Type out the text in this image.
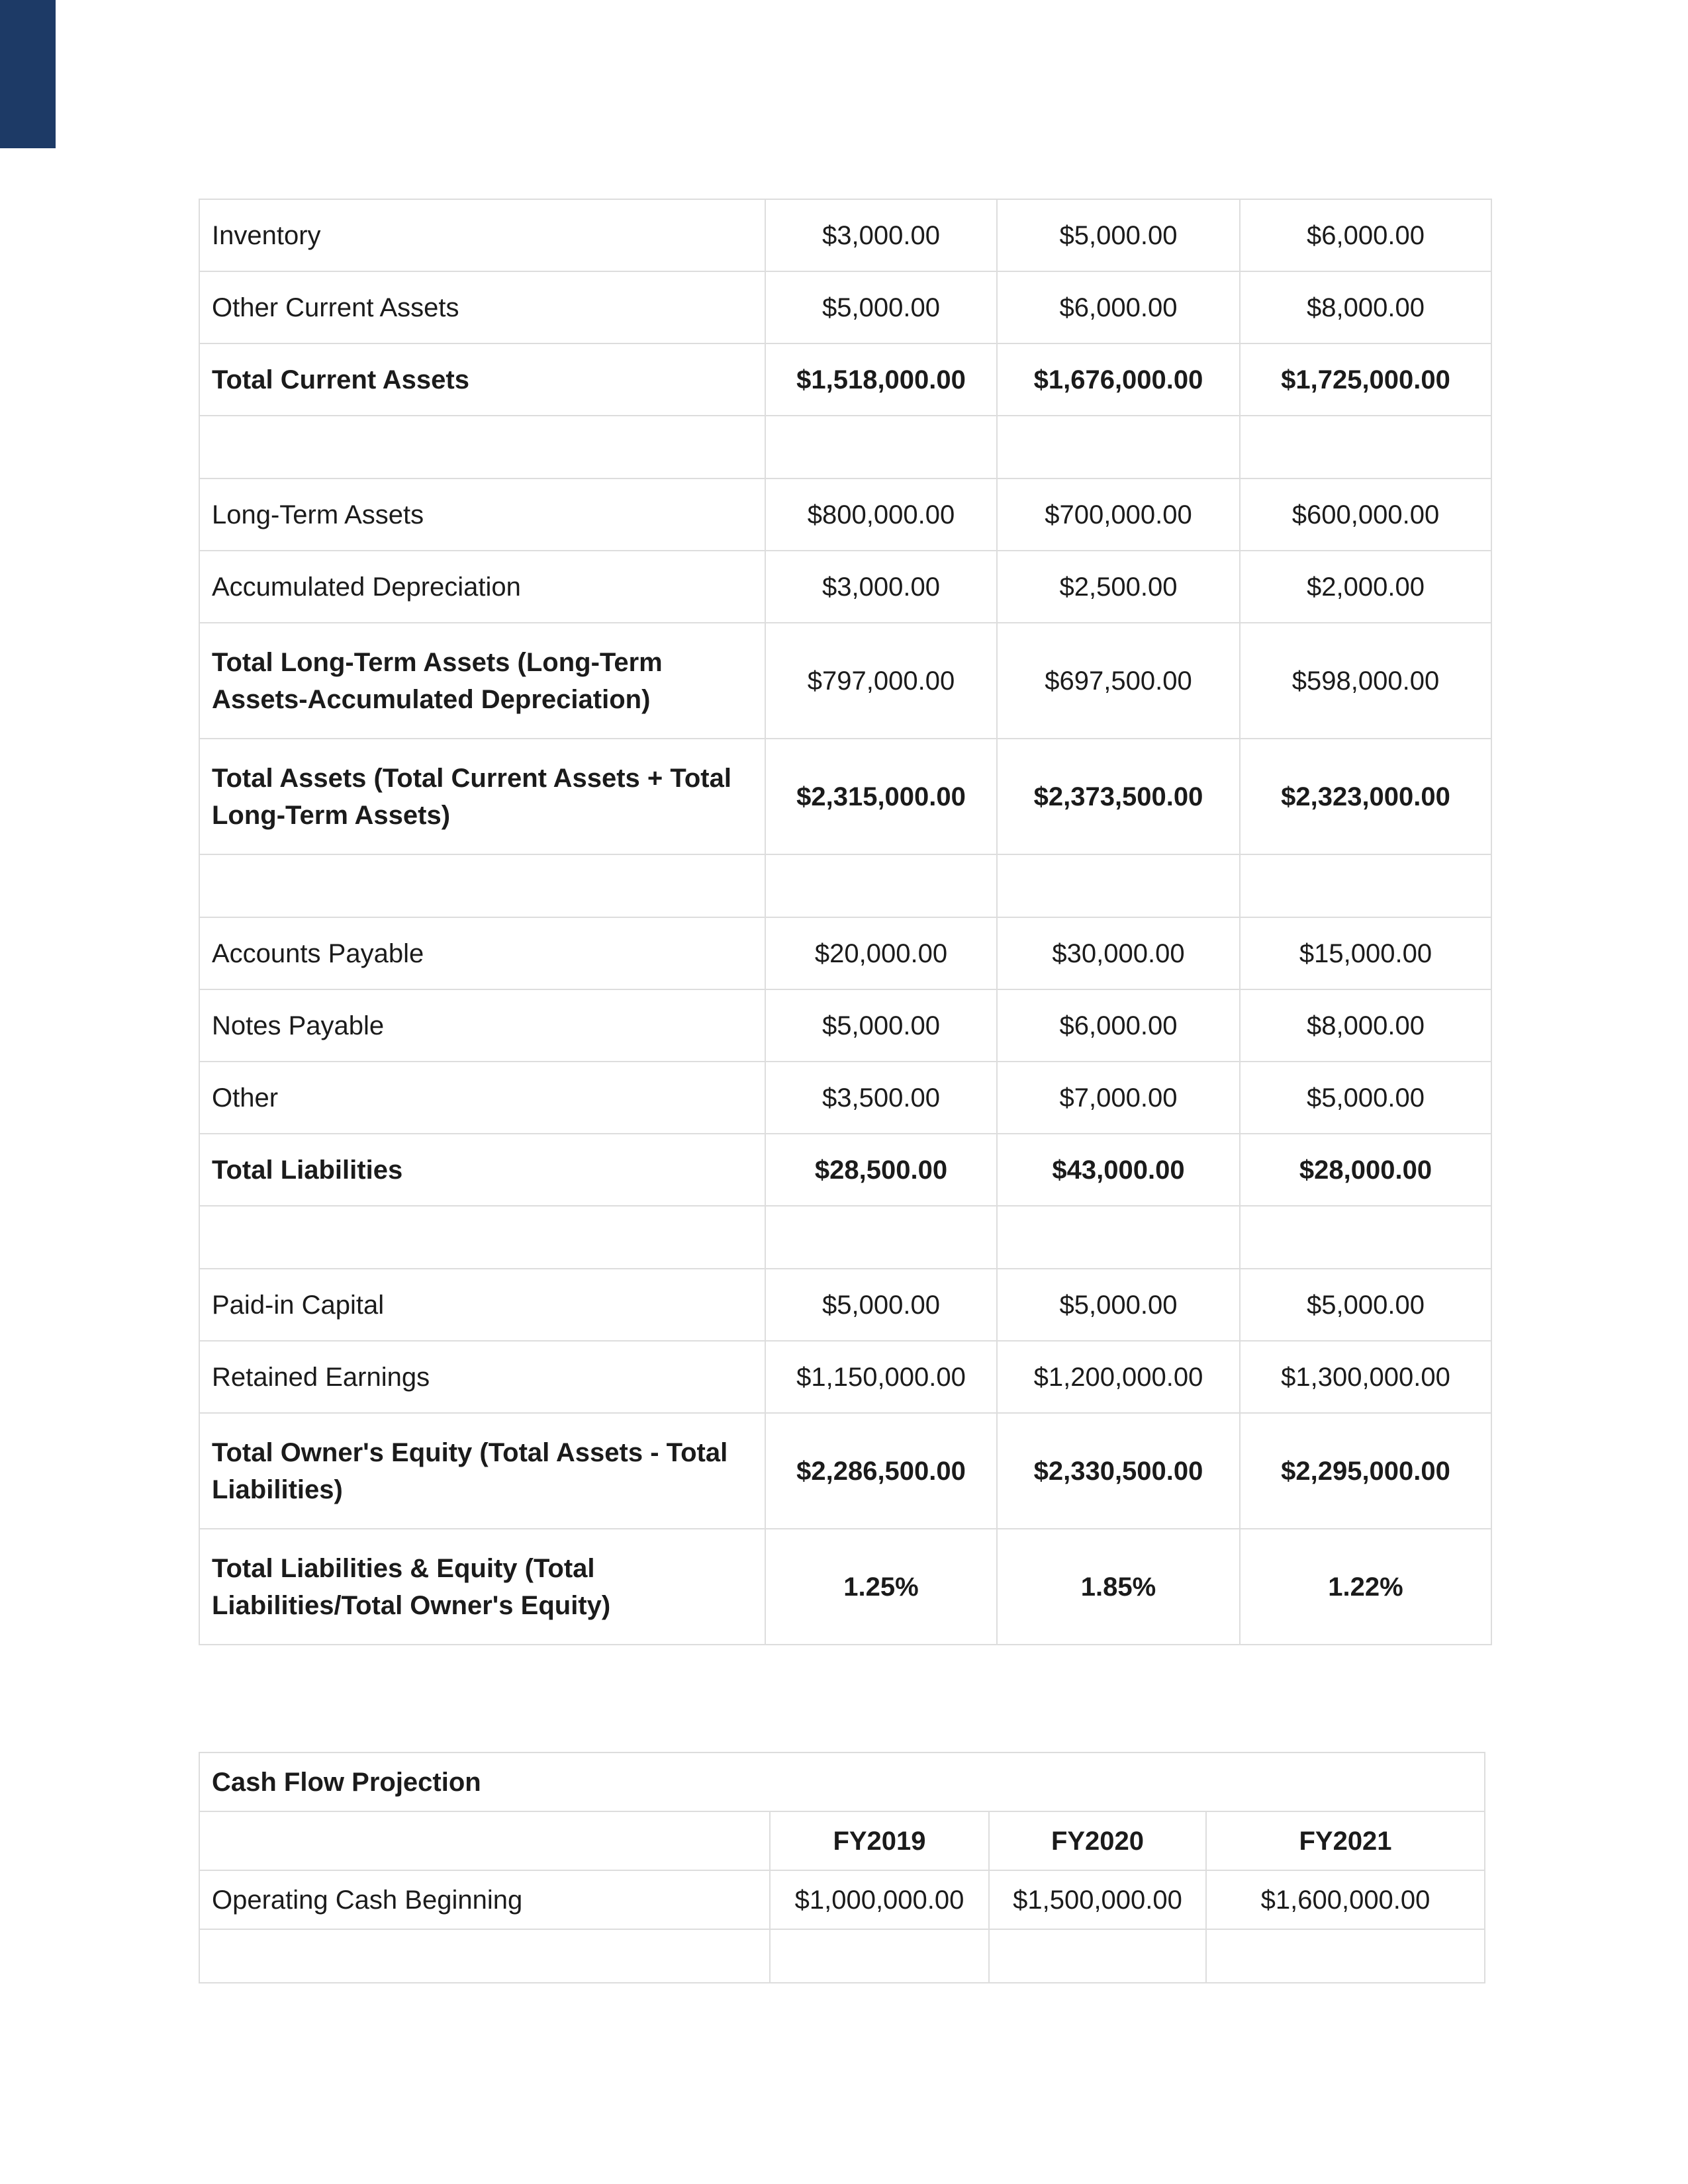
Inventory	$3,000.00	$5,000.00	$6,000.00
Other Current Assets	$5,000.00	$6,000.00	$8,000.00
Total Current Assets	$1,518,000.00	$1,676,000.00	$1,725,000.00

Long-Term Assets	$800,000.00	$700,000.00	$600,000.00
Accumulated Depreciation	$3,000.00	$2,500.00	$2,000.00
Total Long-Term Assets (Long-Term Assets-Accumulated Depreciation)	$797,000.00	$697,500.00	$598,000.00
Total Assets (Total Current Assets + Total Long-Term Assets)	$2,315,000.00	$2,373,500.00	$2,323,000.00

Accounts Payable	$20,000.00	$30,000.00	$15,000.00
Notes Payable	$5,000.00	$6,000.00	$8,000.00
Other	$3,500.00	$7,000.00	$5,000.00
Total Liabilities	$28,500.00	$43,000.00	$28,000.00

Paid-in Capital	$5,000.00	$5,000.00	$5,000.00
Retained Earnings	$1,150,000.00	$1,200,000.00	$1,300,000.00
Total Owner's Equity (Total Assets - Total Liabilities)	$2,286,500.00	$2,330,500.00	$2,295,000.00
Total Liabilities & Equity (Total Liabilities/Total Owner's Equity)	1.25%	1.85%	1.22%
Cash Flow Projection			
	FY2019	FY2020	FY2021
Operating Cash Beginning	$1,000,000.00	$1,500,000.00	$1,600,000.00
